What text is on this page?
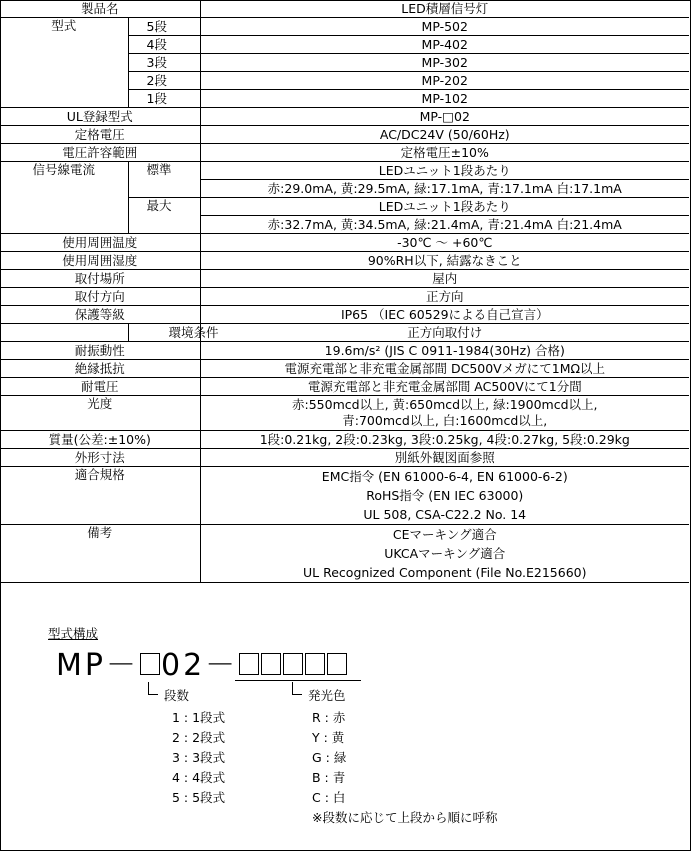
製品名		LED積層信号灯
型式	5段	MP-502
	4段	MP-402
	3段	MP-302
	2段	MP-202
	1段	MP-102
UL登録型式		MP-□02
定格電圧		AC/DC24V (50/60Hz)
電圧許容範囲		定格電圧±10%
信号線電流	標準	LEDユニット1段あたり
		赤:29.0mA, 黄:29.5mA, 緑:17.1mA, 青:17.1mA 白:17.1mA
	最大	LEDユニット1段あたり
		赤:32.7mA, 黄:34.5mA, 緑:21.4mA, 青:21.4mA 白:21.4mA
使用周囲温度		-30℃ ～ +60℃
使用周囲湿度		90%RH以下, 結露なきこと
取付場所		屋内
取付方向		正方向
保護等級		IP65 （IEC 60529による自己宣言）
	環境条件	正方向取付け
耐振動性		19.6m/s² (JIS C 0911-1984(30Hz) 合格)
絶縁抵抗		電源充電部と非充電金属部間 DC500Vメガにて1MΩ以上
耐電圧		電源充電部と非充電金属部間 AC500Vにて1分間
光度		赤:550mcd以上, 黄:650mcd以上, 緑:1900mcd以上,
青:700mcd以上, 白:1600mcd以上,

質量(公差:±10%)		1段:0.21kg, 2段:0.23kg, 3段:0.25kg, 4段:0.27kg, 5段:0.29kg
外形寸法		別紙外観図面参照
適合規格		EMC指令 (EN 61000-6-4, EN 61000-6-2)
RoHS指令 (EN IEC 63000)
UL 508, CSA-C22.2 No. 14

備考		CEマーキング適合
UKCAマーキング適合
UL Recognized Component (File No.E215660)
型式構成
MP－ 02－
段数
1 : 1段式
2 : 2段式
3 : 3段式
4 : 4段式
5 : 5段式
発光色
R : 赤
Y : 黄
G : 緑
B : 青
C : 白
※段数に応じて上段から順に呼称
